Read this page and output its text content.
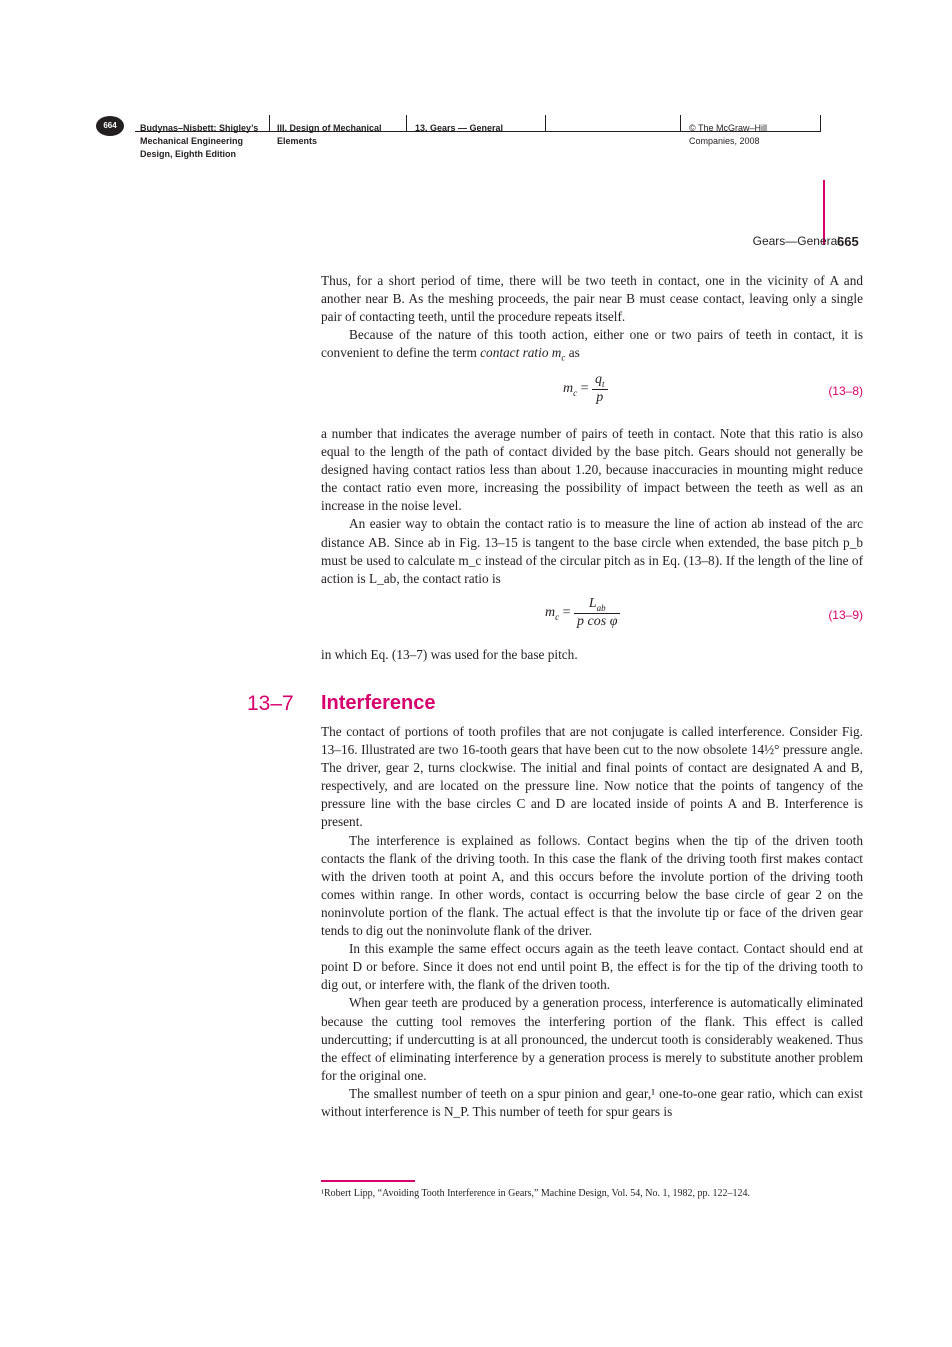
664	Budynas–Nisbett: Shigley’s
Mechanical Engineering
Design, Eighth Edition
III. Design of Mechanical
Elements
13. Gears — General	© The McGraw–Hill
Companies, 2008
Gears—General
665

Thus, for a short period of time, there will be two teeth in contact, one in the vicinity of A and another near B. As the meshing proceeds, the pair near B must cease contact, leaving only a single pair of contacting teeth, until the procedure repeats itself.

Because of the nature of this tooth action, either one or two pairs of teeth in contact, it is convenient to define the term contact ratio $m_c$ as

$m_c = \frac{q_t}{p}$	(13–8)

a number that indicates the average number of pairs of teeth in contact. Note that this ratio is also equal to the length of the path of contact divided by the base pitch. Gears should not generally be designed having contact ratios less than about 1.20, because inaccuracies in mounting might reduce the contact ratio even more, increasing the possibility of impact between the teeth as well as an increase in the noise level.

An easier way to obtain the contact ratio is to measure the line of action ab instead of the arc distance AB. Since ab in Fig. 13–15 is tangent to the base circle when extended, the base pitch p_b must be used to calculate m_c instead of the circular pitch as in Eq. (13–8). If the length of the line of action is L_ab, the contact ratio is

$m_c = \frac{L_{ab}}{\text{p cos φ}}$	(13–9)

in which Eq. (13–7) was used for the base pitch.

13–7 Interference

The contact of portions of tooth profiles that are not conjugate is called interference. Consider Fig. 13–16. Illustrated are two 16-tooth gears that have been cut to the now obsolete 14½° pressure angle. The driver, gear 2, turns clockwise. The initial and final points of contact are designated A and B, respectively, and are located on the pressure line. Now notice that the points of tangency of the pressure line with the base circles C and D are located inside of points A and B. Interference is present.

The interference is explained as follows. Contact begins when the tip of the driven tooth contacts the flank of the driving tooth. In this case the flank of the driving tooth first makes contact with the driven tooth at point A, and this occurs before the involute portion of the driving tooth comes within range. In other words, contact is occurring below the base circle of gear 2 on the noninvolute portion of the flank. The actual effect is that the involute tip or face of the driven gear tends to dig out the noninvolute flank of the driver.

In this example the same effect occurs again as the teeth leave contact. Contact should end at point D or before. Since it does not end until point B, the effect is for the tip of the driving tooth to dig out, or interfere with, the flank of the driven tooth.

When gear teeth are produced by a generation process, interference is automatically eliminated because the cutting tool removes the interfering portion of the flank. This effect is called undercutting; if undercutting is at all pronounced, the undercut tooth is considerably weakened. Thus the effect of eliminating interference by a generation process is merely to substitute another problem for the original one.

The smallest number of teeth on a spur pinion and gear,¹ one-to-one gear ratio, which can exist without interference is N_P. This number of teeth for spur gears is

¹Robert Lipp, “Avoiding Tooth Interference in Gears,” Machine Design, Vol. 54, No. 1, 1982, pp. 122–124.
